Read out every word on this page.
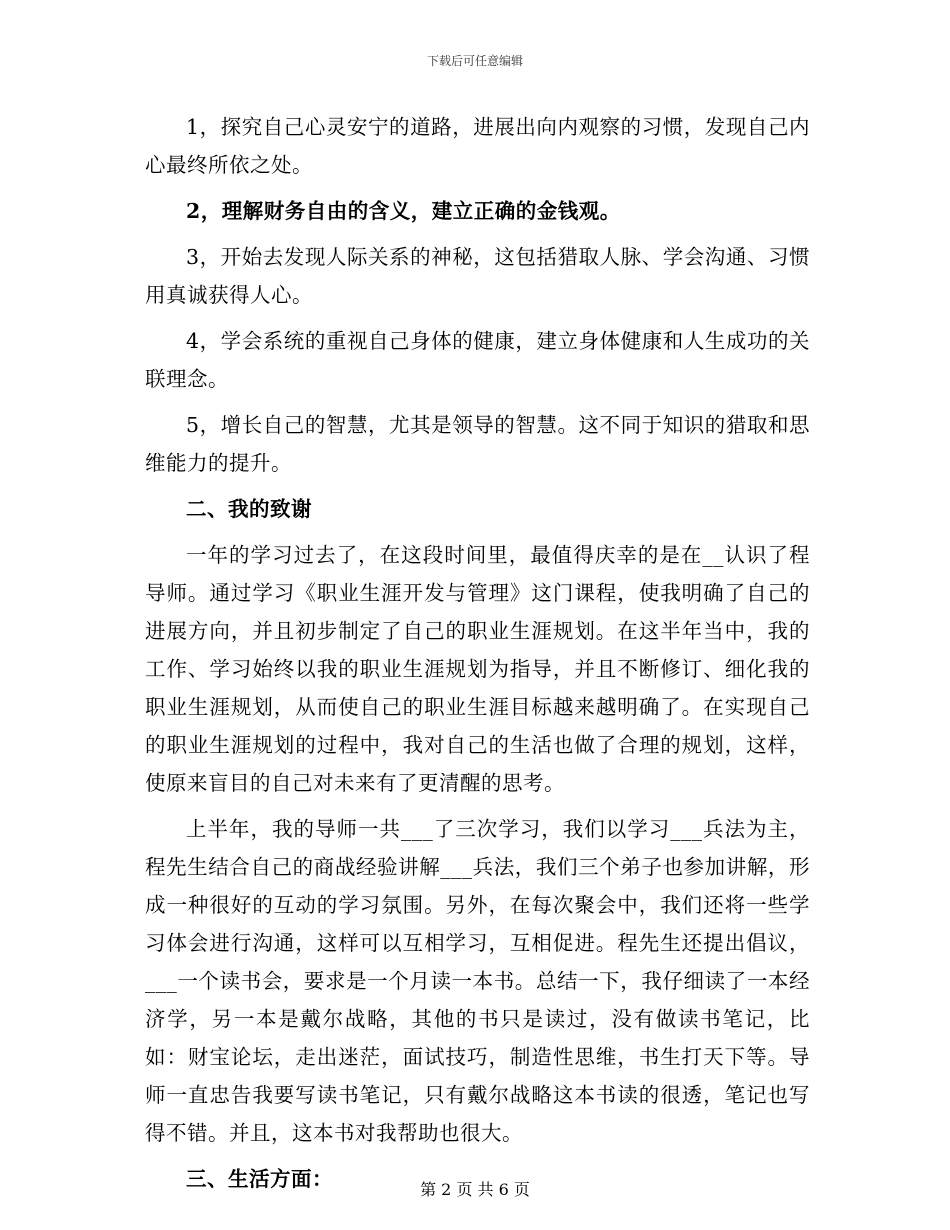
下载后可任意编辑

1，探究自己心灵安宁的道路，进展出向内观察的习惯，发现自己内心最终所依之处。

2，理解财务自由的含义，建立正确的金钱观。

3，开始去发现人际关系的神秘，这包括猎取人脉、学会沟通、习惯用真诚获得人心。

4，学会系统的重视自己身体的健康，建立身体健康和人生成功的关联理念。

5，增长自己的智慧，尤其是领导的智慧。这不同于知识的猎取和思维能力的提升。

二、我的致谢

一年的学习过去了，在这段时间里，最值得庆幸的是在__认识了程导师。通过学习《职业生涯开发与管理》这门课程，使我明确了自己的进展方向，并且初步制定了自己的职业生涯规划。在这半年当中，我的工作、学习始终以我的职业生涯规划为指导，并且不断修订、细化我的职业生涯规划，从而使自己的职业生涯目标越来越明确了。在实现自己的职业生涯规划的过程中，我对自己的生活也做了合理的规划，这样，使原来盲目的自己对未来有了更清醒的思考。

上半年，我的导师一共___了三次学习，我们以学习___兵法为主，程先生结合自己的商战经验讲解___兵法，我们三个弟子也参加讲解，形成一种很好的互动的学习氛围。另外，在每次聚会中，我们还将一些学习体会进行沟通，这样可以互相学习，互相促进。程先生还提出倡议，___一个读书会，要求是一个月读一本书。总结一下，我仔细读了一本经济学，另一本是戴尔战略，其他的书只是读过，没有做读书笔记，比如：财宝论坛，走出迷茫，面试技巧，制造性思维，书生打天下等。导师一直忠告我要写读书笔记，只有戴尔战略这本书读的很透，笔记也写得不错。并且，这本书对我帮助也很大。

三、生活方面：	第 2 页 共 6 页
